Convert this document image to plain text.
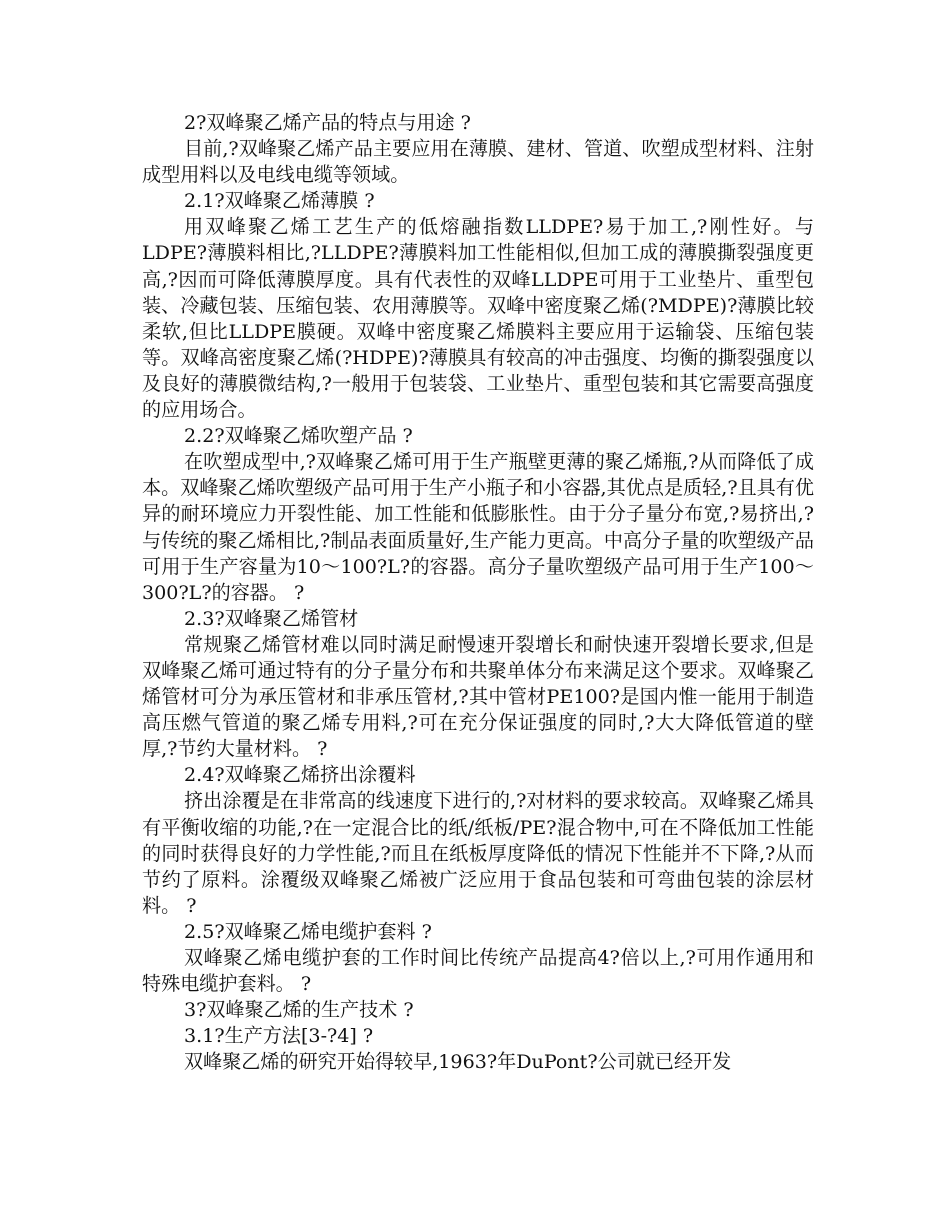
2?双峰聚乙烯产品的特点与用途 ?

目前,?双峰聚乙烯产品主要应用在薄膜、建材、管道、吹塑成型材料、注射成型用料以及电线电缆等领域。

2.1?双峰聚乙烯薄膜 ?

用双峰聚乙烯工艺生产的低熔融指数LLDPE?易于加工,?刚性好。与LDPE?薄膜料相比,?LLDPE?薄膜料加工性能相似,但加工成的薄膜撕裂强度更高,?因而可降低薄膜厚度。具有代表性的双峰LLDPE可用于工业垫片、重型包装、冷藏包装、压缩包装、农用薄膜等。双峰中密度聚乙烯(?MDPE)?薄膜比较柔软,但比LLDPE膜硬。双峰中密度聚乙烯膜料主要应用于运输袋、压缩包装等。双峰高密度聚乙烯(?HDPE)?薄膜具有较高的冲击强度、均衡的撕裂强度以及良好的薄膜微结构,?一般用于包装袋、工业垫片、重型包装和其它需要高强度的应用场合。

2.2?双峰聚乙烯吹塑产品 ?

在吹塑成型中,?双峰聚乙烯可用于生产瓶壁更薄的聚乙烯瓶,?从而降低了成本。双峰聚乙烯吹塑级产品可用于生产小瓶子和小容器,其优点是质轻,?且具有优异的耐环境应力开裂性能、加工性能和低膨胀性。由于分子量分布宽,?易挤出,?与传统的聚乙烯相比,?制品表面质量好,生产能力更高。中高分子量的吹塑级产品可用于生产容量为10～100?L?的容器。高分子量吹塑级产品可用于生产100～300?L?的容器。 ?

2.3?双峰聚乙烯管材

常规聚乙烯管材难以同时满足耐慢速开裂增长和耐快速开裂增长要求,但是双峰聚乙烯可通过特有的分子量分布和共聚单体分布来满足这个要求。双峰聚乙烯管材可分为承压管材和非承压管材,?其中管材PE100?是国内惟一能用于制造高压燃气管道的聚乙烯专用料,?可在充分保证强度的同时,?大大降低管道的壁厚,?节约大量材料。 ?

2.4?双峰聚乙烯挤出涂覆料

挤出涂覆是在非常高的线速度下进行的,?对材料的要求较高。双峰聚乙烯具有平衡收缩的功能,?在一定混合比的纸/纸板/PE?混合物中,可在不降低加工性能的同时获得良好的力学性能,?而且在纸板厚度降低的情况下性能并不下降,?从而节约了原料。涂覆级双峰聚乙烯被广泛应用于食品包装和可弯曲包装的涂层材料。 ?

2.5?双峰聚乙烯电缆护套料 ?

双峰聚乙烯电缆护套的工作时间比传统产品提高4?倍以上,?可用作通用和特殊电缆护套料。 ?

3?双峰聚乙烯的生产技术 ?

3.1?生产方法[3-?4] ?

双峰聚乙烯的研究开始得较早,1963?年DuPont?公司就已经开发
